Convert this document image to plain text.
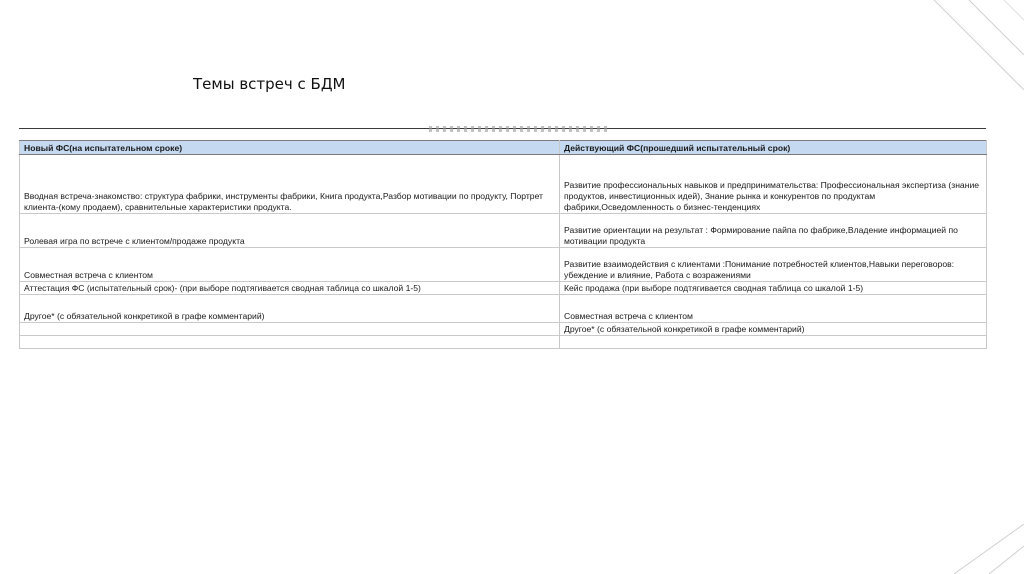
Темы встреч с БДМ
Новый ФС(на испытательном сроке)	Действующий ФС(прошедший испытательный срок)
Вводная встреча-знакомство: структура фабрики, инструменты фабрики, Книга продукта,Разбор мотивации по продукту, Портрет клиента-(кому продаем), сравнительные характеристики продукта.	Развитие профессиональных навыков и предпринимательства: Профессиональная экспертиза (знание продуктов, инвестиционных идей), Знание рынка и конкурентов по продуктам фабрики,Осведомленность о бизнес-тенденциях
Ролевая игра по встрече с клиентом/продаже продукта	Развитие ориентации на результат : Формирование пайпа по фабрике,Владение информацией по мотивации продукта
Совместная встреча с клиентом	Развитие взаимодействия с клиентами :Понимание потребностей клиентов,Навыки переговоров: убеждение и влияние, Работа с возражениями
Аттестация ФС (испытательный срок)- (при выборе подтягивается сводная таблица со шкалой 1-5)	Кейс продажа (при выборе подтягивается сводная таблица со шкалой 1-5)
Другое* (с обязательной конкретикой в графе комментарий)	Совместная встреча с клиентом
	Другое* (с обязательной конкретикой в графе комментарий)
